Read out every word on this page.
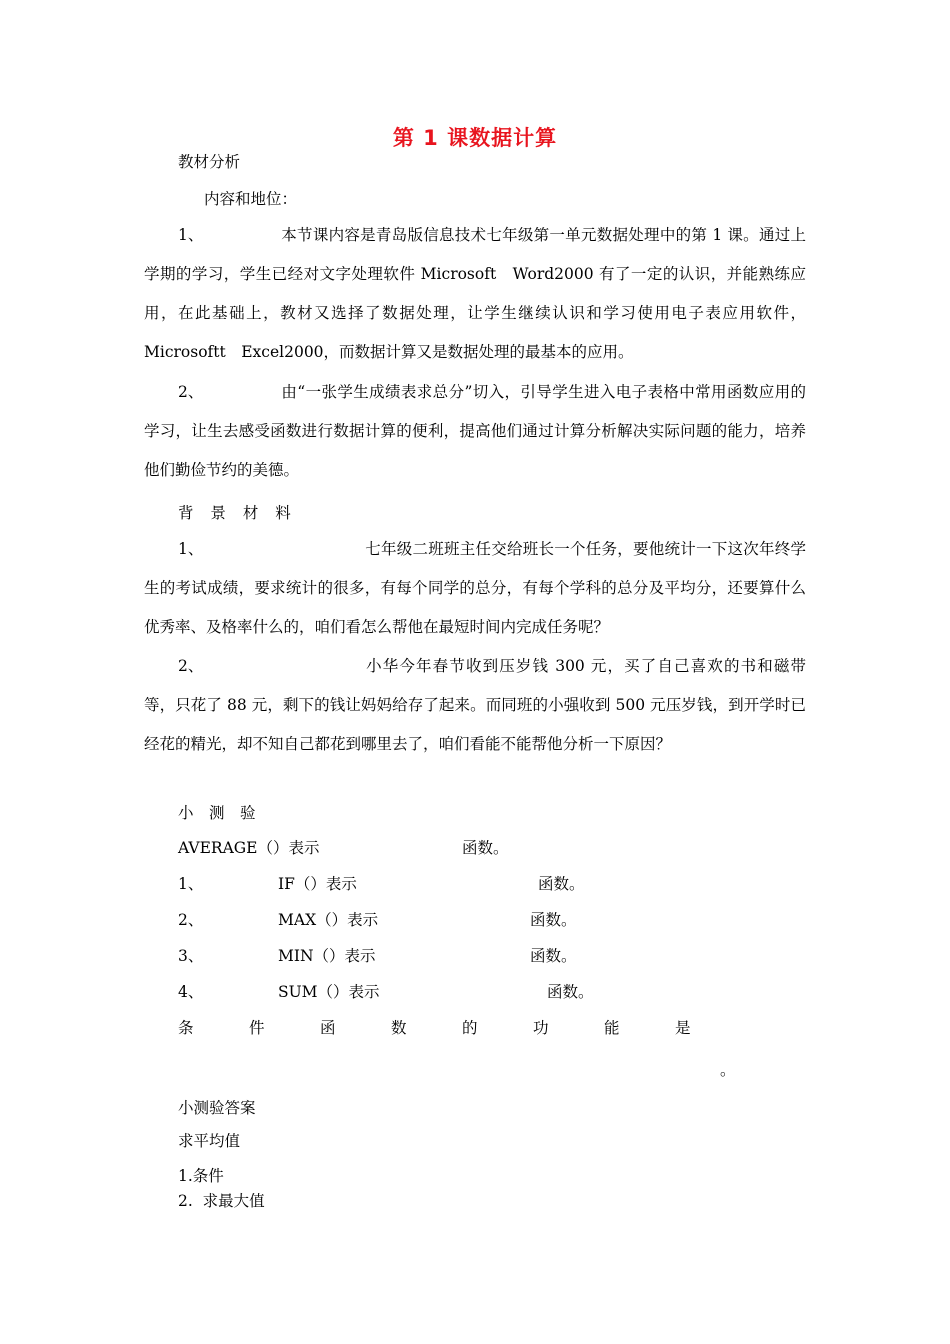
第 1 课数据计算
教材分析
内容和地位：
1、	本节课内容是青岛版信息技术七年级第一单元数据处理中的第 1 课。通过上学期的学习，学生已经对文字处理软件 Microsoft　Word2000 有了一定的认识，并能熟练应用，在此基础上，教材又选择了数据处理，让学生继续认识和学习使用电子表应用软件，Microsoftt　Excel2000，而数据计算又是数据处理的最基本的应用。
2、	由“一张学生成绩表求总分”切入，引导学生进入电子表格中常用函数应用的学习，让生去感受函数进行数据计算的便利，提高他们通过计算分析解决实际问题的能力，培养他们勤俭节约的美德。
背 景 材 料
1、	七年级二班班主任交给班长一个任务，要他统计一下这次年终学生的考试成绩，要求统计的很多，有每个同学的总分，有每个学科的总分及平均分，还要算什么优秀率、及格率什么的，咱们看怎么帮他在最短时间内完成任务呢？
2、	小华今年春节收到压岁钱 300 元，买了自己喜欢的书和磁带等，只花了 88 元，剩下的钱让妈妈给存了起来。而同班的小强收到 500 元压岁钱，到开学时已经花的精光，却不知自己都花到哪里去了，咱们看能不能帮他分析一下原因？
小　测　验
AVERAGE（）表示	函数。
1、	IF（）表示	函数。
2、	MAX（）表示	函数。
3、	MIN（）表示	函数。
4、	SUM（）表示	函数。
条	件	函	数	的	功	能	是
。
小测验答案
求平均值
1.条件
2.  求最大值
